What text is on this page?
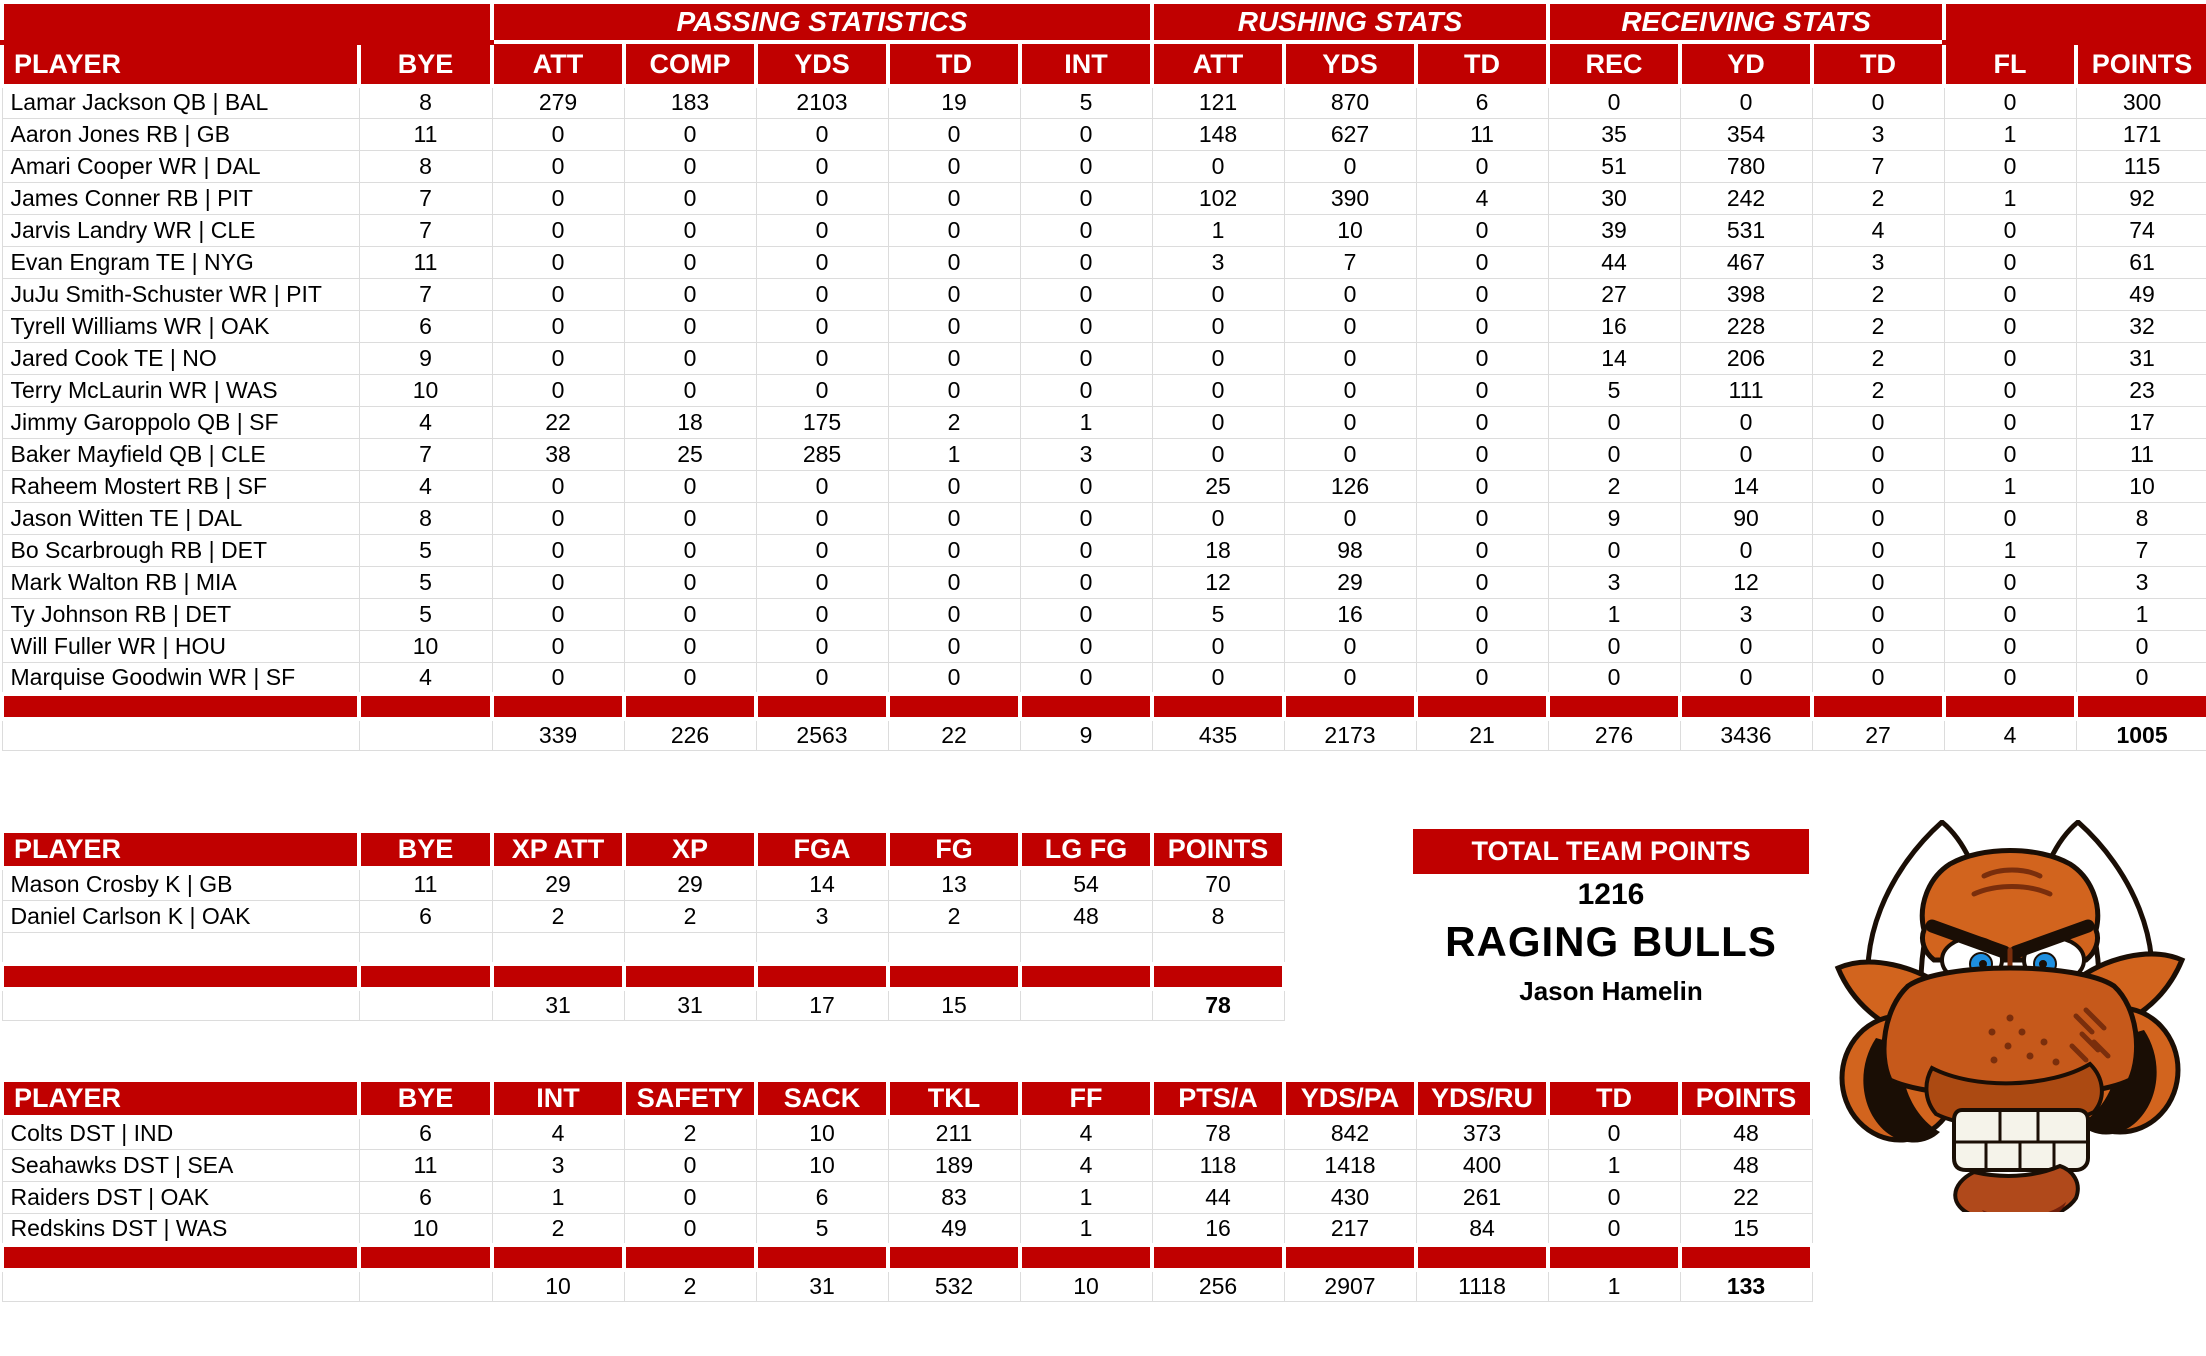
		PASSING STATISTICS					RUSHING STATS			RECEIVING STATS				
PLAYER	BYE	ATT	COMP	YDS	TD	INT	ATT	YDS	TD	REC	YD	TD	FL	POINTS
Lamar Jackson QB | BAL	8	279	183	2103	19	5	121	870	6	0	0	0	0	300
Aaron Jones RB | GB	11	0	0	0	0	0	148	627	11	35	354	3	1	171
Amari Cooper WR | DAL	8	0	0	0	0	0	0	0	0	51	780	7	0	115
James Conner RB | PIT	7	0	0	0	0	0	102	390	4	30	242	2	1	92
Jarvis Landry WR | CLE	7	0	0	0	0	0	1	10	0	39	531	4	0	74
Evan Engram TE | NYG	11	0	0	0	0	0	3	7	0	44	467	3	0	61
JuJu Smith-Schuster WR | PIT	7	0	0	0	0	0	0	0	0	27	398	2	0	49
Tyrell Williams WR | OAK	6	0	0	0	0	0	0	0	0	16	228	2	0	32
Jared Cook TE | NO	9	0	0	0	0	0	0	0	0	14	206	2	0	31
Terry McLaurin WR | WAS	10	0	0	0	0	0	0	0	0	5	111	2	0	23
Jimmy Garoppolo QB | SF	4	22	18	175	2	1	0	0	0	0	0	0	0	17
Baker Mayfield QB | CLE	7	38	25	285	1	3	0	0	0	0	0	0	0	11
Raheem Mostert RB | SF	4	0	0	0	0	0	25	126	0	2	14	0	1	10
Jason Witten TE | DAL	8	0	0	0	0	0	0	0	0	9	90	0	0	8
Bo Scarbrough RB | DET	5	0	0	0	0	0	18	98	0	0	0	0	1	7
Mark Walton RB | MIA	5	0	0	0	0	0	12	29	0	3	12	0	0	3
Ty Johnson RB | DET	5	0	0	0	0	0	5	16	0	1	3	0	0	1
Will Fuller WR | HOU	10	0	0	0	0	0	0	0	0	0	0	0	0	0
Marquise Goodwin WR | SF	4	0	0	0	0	0	0	0	0	0	0	0	0	0

		339	226	2563	22	9	435	2173	21	276	3436	27	4	1005
PLAYER	BYE	XP ATT	XP	FGA	FG	LG FG	POINTS
Mason Crosby K | GB	11	29	29	14	13	54	70
Daniel Carlson K | OAK	6	2	2	3	2	48	8

		31	31	17	15		78
TOTAL TEAM POINTS
1216
RAGING BULLS
Jason Hamelin
PLAYER	BYE	INT	SAFETY	SACK	TKL	FF	PTS/A	YDS/PA	YDS/RU	TD	POINTS
Colts DST | IND	6	4	2	10	211	4	78	842	373	0	48
Seahawks DST | SEA	11	3	0	10	189	4	118	1418	400	1	48
Raiders DST | OAK	6	1	0	6	83	1	44	430	261	0	22
Redskins DST | WAS	10	2	0	5	49	1	16	217	84	0	15

		10	2	31	532	10	256	2907	1118	1	133
